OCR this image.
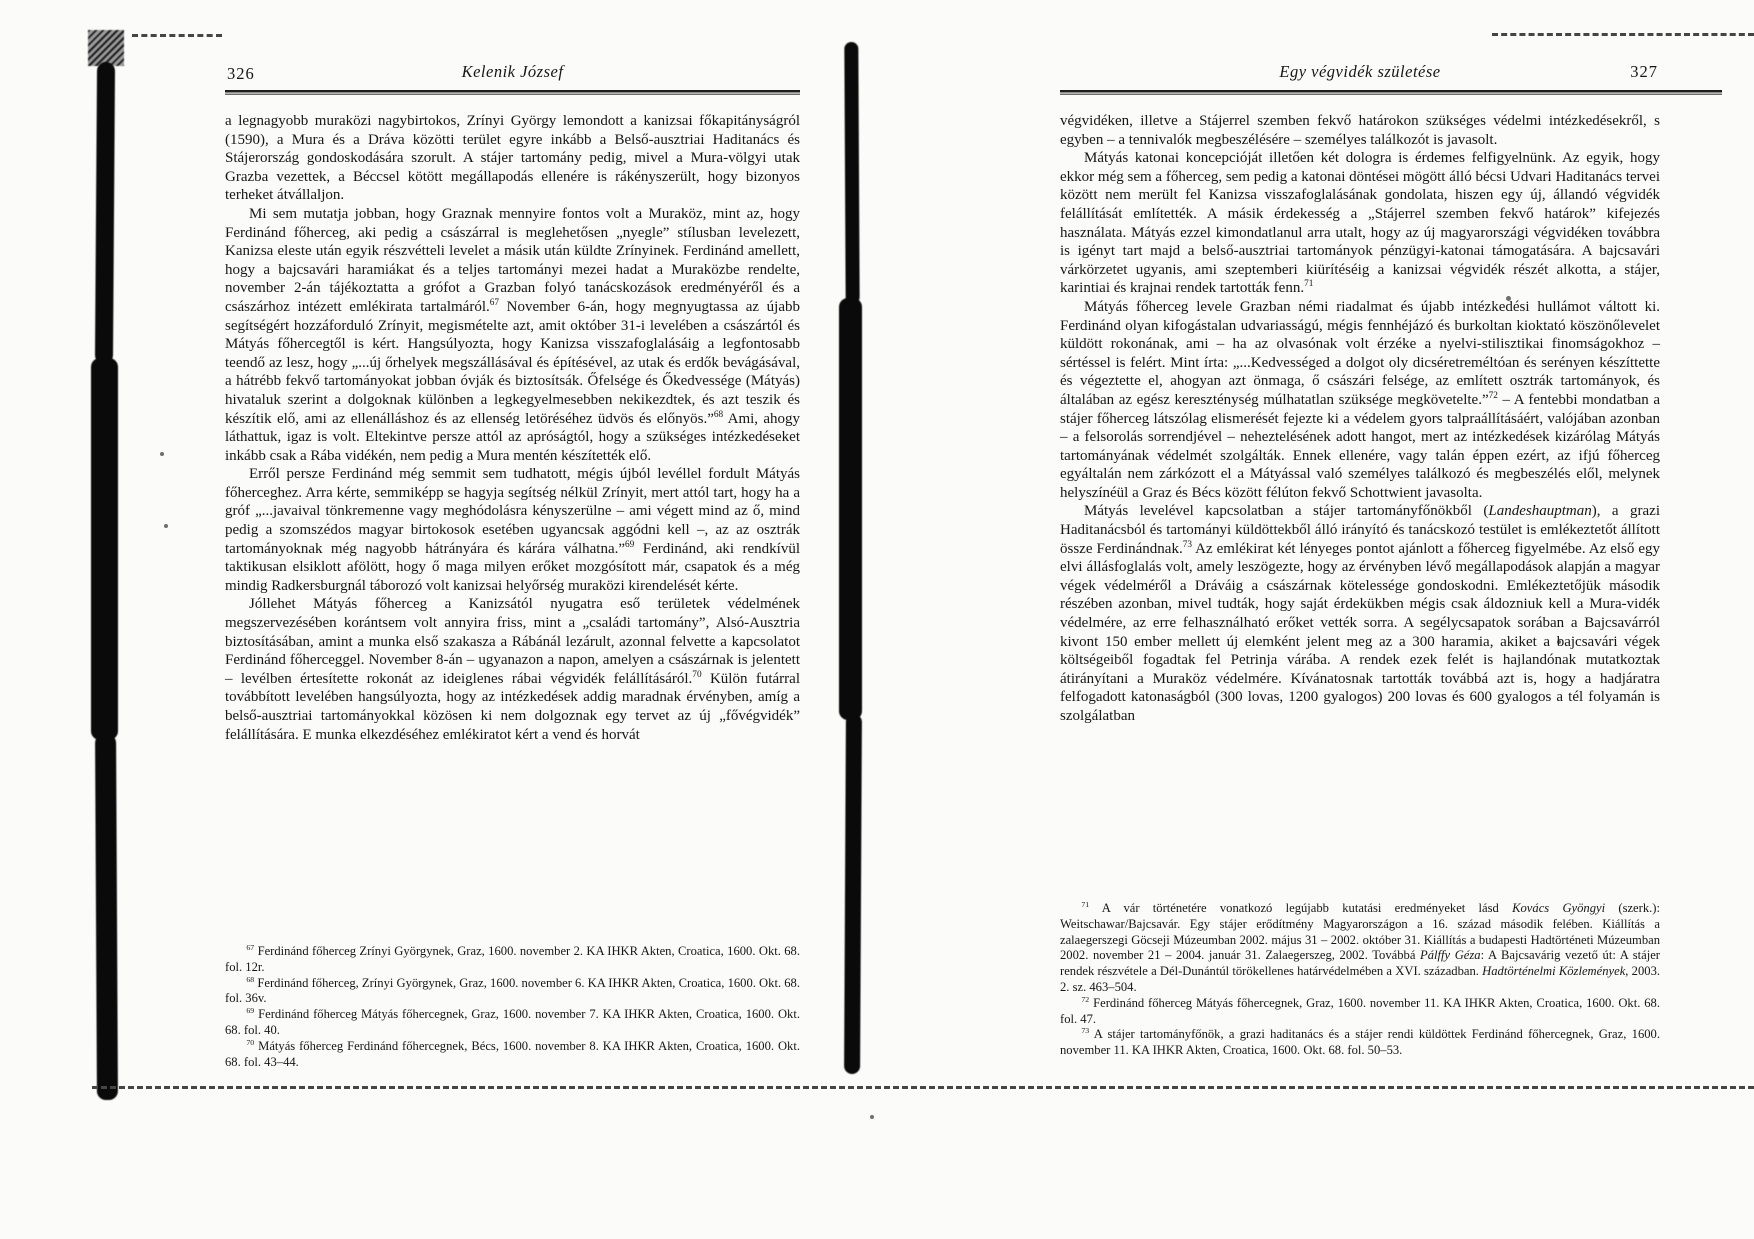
326	Kelenik József
a legnagyobb muraközi nagybirtokos, Zrínyi György lemondott a kanizsai főkapitányságról (1590), a Mura és a Dráva közötti terület egyre inkább a Belső-ausztriai Haditanács és Stájerország gondoskodására szorult. A stájer tartomány pedig, mivel a Mura-völgyi utak Grazba vezettek, a Béccsel kötött megállapodás ellenére is rákényszerült, hogy bizonyos terheket átvállaljon.
Mi sem mutatja jobban, hogy Graznak mennyire fontos volt a Muraköz, mint az, hogy Ferdinánd főherceg, aki pedig a császárral is meglehetősen „nyegle” stílusban levelezett, Kanizsa eleste után egyik részvétteli levelet a másik után küldte Zrínyinek. Ferdinánd amellett, hogy a bajcsavári haramiákat és a teljes tartományi mezei hadat a Muraközbe rendelte, november 2-án tájékoztatta a grófot a Grazban folyó tanácskozások eredményéről és a császárhoz intézett emlékirata tartalmáról.$^{67}$ November 6-án, hogy megnyugtassa az újabb segítségért hozzáforduló Zrínyit, megismételte azt, amit október 31-i levelében a császártól és Mátyás főhercegtől is kért. Hangsúlyozta, hogy Kanizsa visszafoglalásáig a legfontosabb teendő az lesz, hogy „...új őrhelyek megszállásával és építésével, az utak és erdők bevágásával, a hátrébb fekvő tartományokat jobban óvják és biztosítsák. Őfelsége és Őkedvessége (Mátyás) hivataluk szerint a dolgoknak különben a legkegyelmesebben nekikezdtek, és azt teszik és készítik elő, ami az ellenálláshoz és az ellenség letöréséhez üdvös és előnyös.”$^{68}$ Ami, ahogy láthattuk, igaz is volt. Eltekintve persze attól az apróságtól, hogy a szükséges intézkedéseket inkább csak a Rába vidékén, nem pedig a Mura mentén készítették elő.
Erről persze Ferdinánd még semmit sem tudhatott, mégis újból levéllel fordult Mátyás főherceghez. Arra kérte, semmiképp se hagyja segítség nélkül Zrínyit, mert attól tart, hogy ha a gróf „...javaival tönkremenne vagy meghódolásra kényszerülne – ami végett mind az ő, mind pedig a szomszédos magyar birtokosok esetében ugyancsak aggódni kell –, az az osztrák tartományoknak még nagyobb hátrányára és kárára válhatna.”$^{69}$ Ferdinánd, aki rendkívül taktikusan elsiklott afölött, hogy ő maga milyen erőket mozgósított már, csapatok és a még mindig Radkersburgnál táborozó volt kanizsai helyőrség muraközi kirendelését kérte.
Jóllehet Mátyás főherceg a Kanizsától nyugatra eső területek védelmének megszervezésében korántsem volt annyira friss, mint a „családi tartomány”, Alsó-Ausztria biztosításában, amint a munka első szakasza a Rábánál lezárult, azonnal felvette a kapcsolatot Ferdinánd főherceggel. November 8-án – ugyanazon a napon, amelyen a császárnak is jelentett – levélben értesítette rokonát az ideiglenes rábai végvidék felállításáról.$^{70}$ Külön futárral továbbított levelében hangsúlyozta, hogy az intézkedések addig maradnak érvényben, amíg a belső-ausztriai tartományokkal közösen ki nem dolgoznak egy tervet az új „fővégvidék” felállítására. E munka elkezdéséhez emlékiratot kért a vend és horvát
$^{67}$ Ferdinánd főherceg Zrínyi Györgynek, Graz, 1600. november 2. KA IHKR Akten, Croatica, 1600. Okt. 68. fol. 12r.
$^{68}$ Ferdinánd főherceg, Zrínyi Györgynek, Graz, 1600. november 6. KA IHKR Akten, Croatica, 1600. Okt. 68. fol. 36v.
$^{69}$ Ferdinánd főherceg Mátyás főhercegnek, Graz, 1600. november 7. KA IHKR Akten, Croatica, 1600. Okt. 68. fol. 40.
$^{70}$ Mátyás főherceg Ferdinánd főhercegnek, Bécs, 1600. november 8. KA IHKR Akten, Croatica, 1600. Okt. 68. fol. 43–44.
Egy végvidék születése	327
végvidéken, illetve a Stájerrel szemben fekvő határokon szükséges védelmi intézkedésekről, s egyben – a tennivalók megbeszélésére – személyes találkozót is javasolt.
Mátyás katonai koncepcióját illetően két dologra is érdemes felfigyelnünk. Az egyik, hogy ekkor még sem a főherceg, sem pedig a katonai döntései mögött álló bécsi Udvari Haditanács tervei között nem merült fel Kanizsa visszafoglalásának gondolata, hiszen egy új, állandó végvidék felállítását említették. A másik érdekesség a „Stájerrel szemben fekvő határok” kifejezés használata. Mátyás ezzel kimondatlanul arra utalt, hogy az új magyarországi végvidéken továbbra is igényt tart majd a belső-ausztriai tartományok pénzügyi-katonai támogatására. A bajcsavári várkörzetet ugyanis, ami szeptemberi kiürítéséig a kanizsai végvidék részét alkotta, a stájer, karintiai és krajnai rendek tartották fenn.$^{71}$
Mátyás főherceg levele Grazban némi riadalmat és újabb intézkedési hullámot váltott ki. Ferdinánd olyan kifogástalan udvariasságú, mégis fennhéjázó és burkoltan kioktató köszönőlevelet küldött rokonának, ami – ha az olvasónak volt érzéke a nyelvi-stilisztikai finomságokhoz – sértéssel is felért. Mint írta: „...Kedvességed a dolgot oly dicséretreméltóan és serényen készíttette és végeztette el, ahogyan azt önmaga, ő császári felsége, az említett osztrák tartományok, és általában az egész kereszténység múlhatatlan szüksége megkövetelte.”$^{72}$ – A fentebbi mondatban a stájer főherceg látszólag elismerését fejezte ki a védelem gyors talpraállításáért, valójában azonban – a felsorolás sorrendjével – neheztelésének adott hangot, mert az intézkedések kizárólag Mátyás tartományának védelmét szolgálták. Ennek ellenére, vagy talán éppen ezért, az ifjú főherceg egyáltalán nem zárkózott el a Mátyással való személyes találkozó és megbeszélés elől, melynek helyszínéül a Graz és Bécs között félúton fekvő Schottwient javasolta.
Mátyás levelével kapcsolatban a stájer tartományfőnökből (Landeshauptman), a grazi Haditanácsból és tartományi küldöttekből álló irányító és tanácskozó testület is emlékeztetőt állított össze Ferdinándnak.$^{73}$ Az emlékirat két lényeges pontot ajánlott a főherceg figyelmébe. Az első egy elvi állásfoglalás volt, amely leszögezte, hogy az érvényben lévő megállapodások alapján a magyar végek védelméről a Dráváig a császárnak kötelessége gondoskodni. Emlékeztetőjük második részében azonban, mivel tudták, hogy saját érdekükben mégis csak áldozniuk kell a Mura-vidék védelmére, az erre felhasználható erőket vették sorra. A segélycsapatok sorában a Bajcsavárról kivont 150 ember mellett új elemként jelent meg az a 300 haramia, akiket a bajcsavári végek költségeiből fogadtak fel Petrinja várába. A rendek ezek felét is hajlandónak mutatkoztak átirányítani a Muraköz védelmére. Kívánatosnak tartották továbbá azt is, hogy a hadjáratra felfogadott katonaságból (300 lovas, 1200 gyalogos) 200 lovas és 600 gyalogos a tél folyamán is szolgálatban
$^{71}$ A vár történetére vonatkozó legújabb kutatási eredményeket lásd Kovács Gyöngyi (szerk.): Weitschawar/Bajcsavár. Egy stájer erődítmény Magyarországon a 16. század második felében. Kiállítás a zalaegerszegi Göcseji Múzeumban 2002. május 31 – 2002. október 31. Kiállítás a budapesti Hadtörténeti Múzeumban 2002. november 21 – 2004. január 31. Zalaegerszeg, 2002. Továbbá Pálffy Géza: A Bajcsavárig vezető út: A stájer rendek részvétele a Dél-Dunántúl törökellenes határvédelmében a XVI. században. Hadtörténelmi Közlemények, 2003. 2. sz. 463–504.
$^{72}$ Ferdinánd főherceg Mátyás főhercegnek, Graz, 1600. november 11. KA IHKR Akten, Croatica, 1600. Okt. 68. fol. 47.
$^{73}$ A stájer tartományfőnök, a grazi haditanács és a stájer rendi küldöttek Ferdinánd főhercegnek, Graz, 1600. november 11. KA IHKR Akten, Croatica, 1600. Okt. 68. fol. 50–53.
